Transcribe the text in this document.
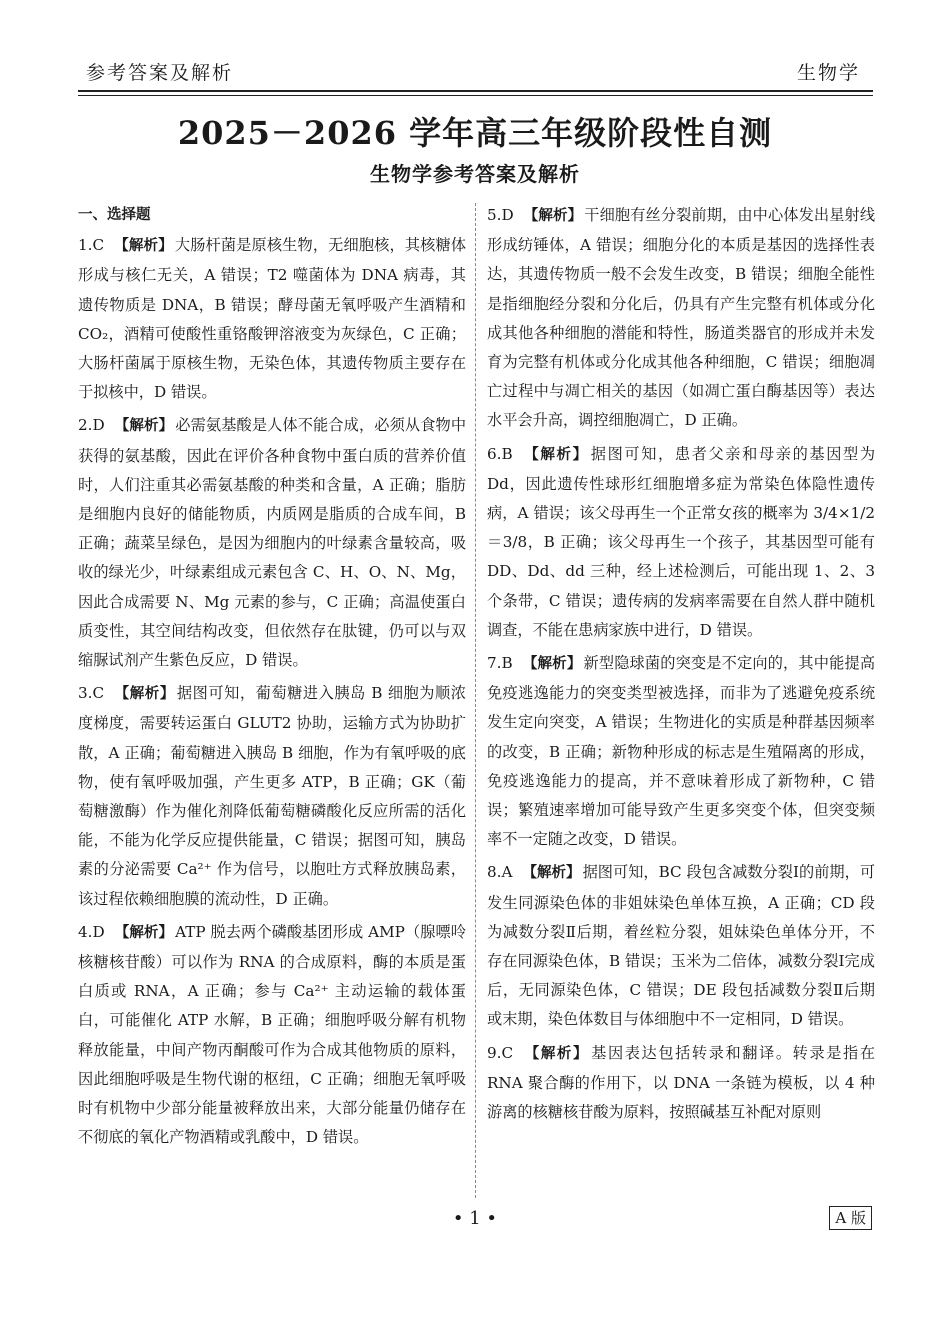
参考答案及解析	生物学
2025－2026 学年高三年级阶段性自测
生物学参考答案及解析
一、选择题

1.C 【解析】 大肠杆菌是原核生物，无细胞核，其核糖体形成与核仁无关，A 错误；T2 噬菌体为 DNA 病毒，其遗传物质是 DNA，B 错误；酵母菌无氧呼吸产生酒精和 CO₂，酒精可使酸性重铬酸钾溶液变为灰绿色，C 正确；大肠杆菌属于原核生物，无染色体，其遗传物质主要存在于拟核中，D 错误。

2.D 【解析】 必需氨基酸是人体不能合成，必须从食物中获得的氨基酸，因此在评价各种食物中蛋白质的营养价值时，人们注重其必需氨基酸的种类和含量，A 正确；脂肪是细胞内良好的储能物质，内质网是脂质的合成车间，B 正确；蔬菜呈绿色，是因为细胞内的叶绿素含量较高，吸收的绿光少，叶绿素组成元素包含 C、H、O、N、Mg，因此合成需要 N、Mg 元素的参与，C 正确；高温使蛋白质变性，其空间结构改变，但依然存在肽键，仍可以与双缩脲试剂产生紫色反应，D 错误。

3.C 【解析】 据图可知，葡萄糖进入胰岛 B 细胞为顺浓度梯度，需要转运蛋白 GLUT2 协助，运输方式为协助扩散，A 正确；葡萄糖进入胰岛 B 细胞，作为有氧呼吸的底物，使有氧呼吸加强，产生更多 ATP，B 正确；GK（葡萄糖激酶）作为催化剂降低葡萄糖磷酸化反应所需的活化能，不能为化学反应提供能量，C 错误；据图可知，胰岛素的分泌需要 Ca²⁺ 作为信号，以胞吐方式释放胰岛素，该过程依赖细胞膜的流动性，D 正确。

4.D 【解析】 ATP 脱去两个磷酸基团形成 AMP（腺嘌呤核糖核苷酸）可以作为 RNA 的合成原料，酶的本质是蛋白质或 RNA，A 正确；参与 Ca²⁺ 主动运输的载体蛋白，可能催化 ATP 水解，B 正确；细胞呼吸分解有机物释放能量，中间产物丙酮酸可作为合成其他物质的原料，因此细胞呼吸是生物代谢的枢纽，C 正确；细胞无氧呼吸时有机物中少部分能量被释放出来，大部分能量仍储存在不彻底的氧化产物酒精或乳酸中，D 错误。

5.D 【解析】 干细胞有丝分裂前期，由中心体发出星射线形成纺锤体，A 错误；细胞分化的本质是基因的选择性表达，其遗传物质一般不会发生改变，B 错误；细胞全能性是指细胞经分裂和分化后，仍具有产生完整有机体或分化成其他各种细胞的潜能和特性，肠道类器官的形成并未发育为完整有机体或分化成其他各种细胞，C 错误；细胞凋亡过程中与凋亡相关的基因（如凋亡蛋白酶基因等）表达水平会升高，调控细胞凋亡，D 正确。

6.B 【解析】 据图可知，患者父亲和母亲的基因型为 Dd，因此遗传性球形红细胞增多症为常染色体隐性遗传病，A 错误；该父母再生一个正常女孩的概率为 3/4×1/2＝3/8，B 正确；该父母再生一个孩子，其基因型可能有 DD、Dd、dd 三种，经上述检测后，可能出现 1、2、3 个条带，C 错误；遗传病的发病率需要在自然人群中随机调查，不能在患病家族中进行，D 错误。

7.B 【解析】 新型隐球菌的突变是不定向的，其中能提高免疫逃逸能力的突变类型被选择，而非为了逃避免疫系统发生定向突变，A 错误；生物进化的实质是种群基因频率的改变，B 正确；新物种形成的标志是生殖隔离的形成，免疫逃逸能力的提高，并不意味着形成了新物种，C 错误；繁殖速率增加可能导致产生更多突变个体，但突变频率不一定随之改变，D 错误。

8.A 【解析】 据图可知，BC 段包含减数分裂Ⅰ的前期，可发生同源染色体的非姐妹染色单体互换，A 正确；CD 段为减数分裂Ⅱ后期，着丝粒分裂，姐妹染色单体分开，不存在同源染色体，B 错误；玉米为二倍体，减数分裂Ⅰ完成后，无同源染色体，C 错误；DE 段包括减数分裂Ⅱ后期或末期，染色体数目与体细胞中不一定相同，D 错误。

9.C 【解析】 基因表达包括转录和翻译。转录是指在 RNA 聚合酶的作用下，以 DNA 一条链为模板，以 4 种游离的核糖核苷酸为原料，按照碱基互补配对原则

• 1 •	A 版
